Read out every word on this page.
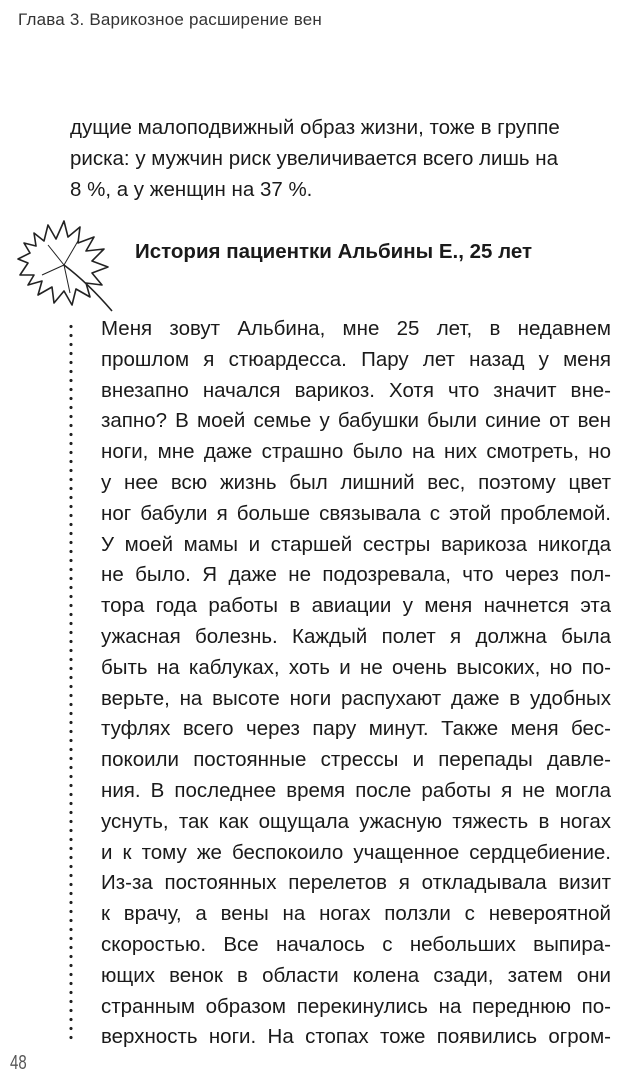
Глава 3. Варикозное расширение вен

дущие малоподвижный образ жизни, тоже в группе
риска: у мужчин риск увеличивается всего лишь на
8 %, а у женщин на 37 %.

История пациентки Альбины Е., 25 лет

Меня зовут Альбина, мне 25 лет, в недавнем
прошлом я стюардесса. Пару лет назад у меня
внезапно начался варикоз. Хотя что значит вне-
запно? В моей семье у бабушки были синие от вен
ноги, мне даже страшно было на них смотреть, но
у нее всю жизнь был лишний вес, поэтому цвет
ног бабули я больше связывала с этой проблемой.
У моей мамы и старшей сестры варикоза никогда
не было. Я даже не подозревала, что через пол-
тора года работы в авиации у меня начнется эта
ужасная болезнь. Каждый полет я должна была
быть на каблуках, хоть и не очень высоких, но по-
верьте, на высоте ноги распухают даже в удобных
туфлях всего через пару минут. Также меня бес-
покоили постоянные стрессы и перепады давле-
ния. В последнее время после работы я не могла
уснуть, так как ощущала ужасную тяжесть в ногах
и к тому же беспокоило учащенное сердцебиение.
Из-за постоянных перелетов я откладывала визит
к врачу, а вены на ногах ползли с невероятной
скоростью. Все началось с небольших выпира-
ющих венок в области колена сзади, затем они
странным образом перекинулись на переднюю по-
верхность ноги. На стопах тоже появились огром-

48
